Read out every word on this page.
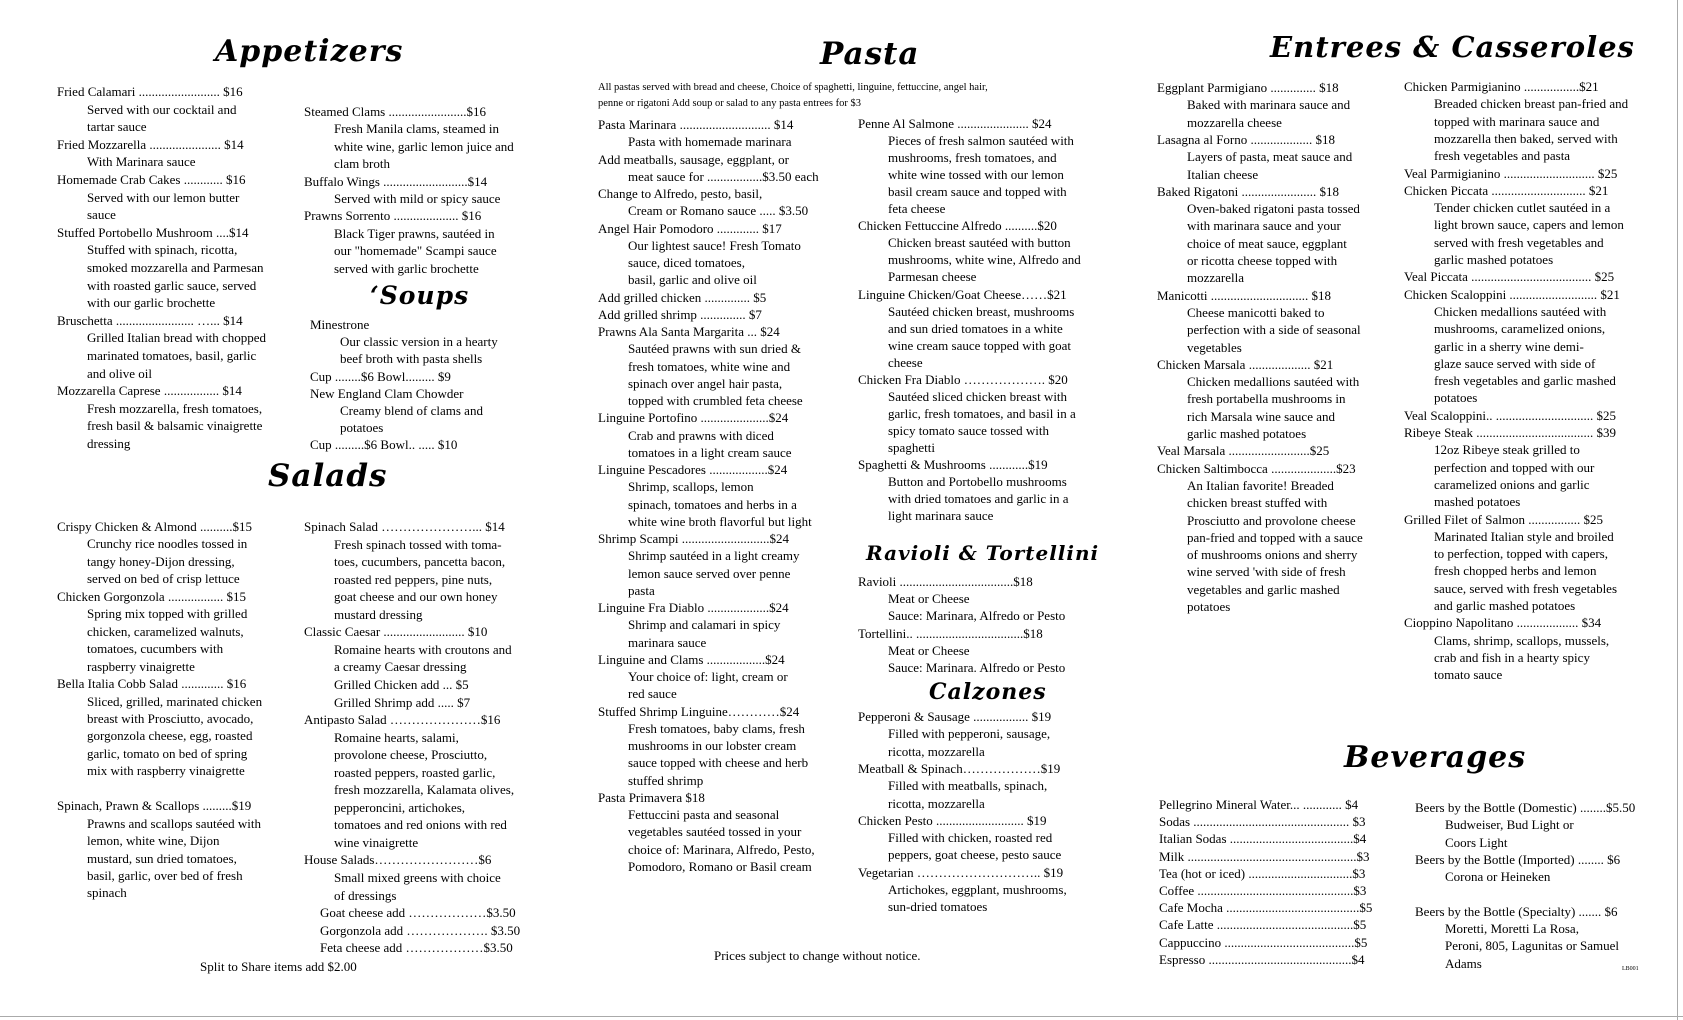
Appetizers
‘Soups
Salads
Pasta
All pastas served with bread and cheese, Choice of spaghetti, linguine, fettuccine, angel hair,
penne or rigatoni Add soup or salad to any pasta entrees for $3
Ravioli & Tortellini
Calzones
Entrees & Casseroles
Beverages
Fried Calamari ......................... $16
Served with our cocktail and
tartar sauce
Fried Mozzarella ...................... $14
With Marinara sauce
Homemade Crab Cakes ............ $16
Served with our lemon butter
sauce
Stuffed Portobello Mushroom ....$14
Stuffed with spinach, ricotta,
smoked mozzarella and Parmesan
with roasted garlic sauce, served
with our garlic brochette
Bruschetta ........................ …... $14
Grilled Italian bread with chopped
marinated tomatoes, basil, garlic
and olive oil
Mozzarella Caprese ................. $14
Fresh mozzarella, fresh tomatoes,
fresh basil & balsamic vinaigrette
dressing
Steamed Clams ........................$16
Fresh Manila clams, steamed in
white wine, garlic lemon juice and
clam broth
Buffalo Wings ..........................$14
Served with mild or spicy sauce
Prawns Sorrento .................... $16
Black Tiger prawns, sautéed in
our "homemade" Scampi sauce
served with garlic brochette
Minestrone
Our classic version in a hearty
beef broth with pasta shells
Cup ........$6 Bowl......... $9
New England Clam Chowder
Creamy blend of clams and
potatoes
Cup .........$6 Bowl.. ..... $10
Crispy Chicken & Almond ..........$15
Crunchy rice noodles tossed in
tangy honey-Dijon dressing,
served on bed of crisp lettuce
Chicken Gorgonzola ................. $15
Spring mix topped with grilled
chicken, caramelized walnuts,
tomatoes, cucumbers with
raspberry vinaigrette
Bella Italia Cobb Salad ............. $16
Sliced, grilled, marinated chicken
breast with Prosciutto, avocado,
gorgonzola cheese, egg, roasted
garlic, tomato on bed of spring
mix with raspberry vinaigrette
Spinach, Prawn & Scallops .........$19
Prawns and scallops sautéed with
lemon, white wine, Dijon
mustard, sun dried tomatoes,
basil, garlic, over bed of fresh
spinach
Spinach Salad …………………... $14
Fresh spinach tossed with toma-
toes, cucumbers, pancetta bacon,
roasted red peppers, pine nuts,
goat cheese and our own honey
mustard dressing
Classic Caesar ......................... $10
Romaine hearts with croutons and
a creamy Caesar dressing
Grilled Chicken add ... $5
Grilled Shrimp add ..... $7
Antipasto Salad …………………$16
Romaine hearts, salami,
provolone cheese, Prosciutto,
roasted peppers, roasted garlic,
fresh mozzarella, Kalamata olives,
pepperoncini, artichokes,
tomatoes and red onions with red
wine vinaigrette
House Salads……………………$6
Small mixed greens with choice
of dressings
Goat cheese add ………………$3.50
Gorgonzola add ………………. $3.50
Feta cheese add ………………$3.50
Pasta Marinara ............................ $14
Pasta with homemade marinara
Add meatballs, sausage, eggplant, or
meat sauce for .................$3.50 each
Change to Alfredo, pesto, basil,
Cream or Romano sauce ..... $3.50
Angel Hair Pomodoro ............. $17
Our lightest sauce! Fresh Tomato
sauce, diced tomatoes,
basil, garlic and olive oil
Add grilled chicken .............. $5
Add grilled shrimp .............. $7
Prawns Ala Santa Margarita ... $24
Sautéed prawns with sun dried &
fresh tomatoes, white wine and
spinach over angel hair pasta,
topped with crumbled feta cheese
Linguine Portofino .....................$24
Crab and prawns with diced
tomatoes in a light cream sauce
Linguine Pescadores ..................$24
Shrimp, scallops, lemon
spinach, tomatoes and herbs in a
white wine broth flavorful but light
Shrimp Scampi ...........................$24
Shrimp sautéed in a light creamy
lemon sauce served over penne
pasta
Linguine Fra Diablo ...................$24
Shrimp and calamari in spicy
marinara sauce
Linguine and Clams ..................$24
Your choice of: light, cream or
red sauce
Stuffed Shrimp Linguine…………$24
Fresh tomatoes, baby clams, fresh
mushrooms in our lobster cream
sauce topped with cheese and herb
stuffed shrimp
Pasta Primavera $18
Fettuccini pasta and seasonal
vegetables sautéed tossed in your
choice of: Marinara, Alfredo, Pesto,
Pomodoro, Romano or Basil cream
Penne Al Salmone ...................... $24
Pieces of fresh salmon sautéed with
mushrooms, fresh tomatoes, and
white wine tossed with our lemon
basil cream sauce and topped with
feta cheese
Chicken Fettuccine Alfredo ..........$20
Chicken breast sautéed with button
mushrooms, white wine, Alfredo and
Parmesan cheese
Linguine Chicken/Goat Cheese……$21
Sautéed chicken breast, mushrooms
and sun dried tomatoes in a white
wine cream sauce topped with goat
cheese
Chicken Fra Diablo ………………. $20
Sautéed sliced chicken breast with
garlic, fresh tomatoes, and basil in a
spicy tomato sauce tossed with
spaghetti
Spaghetti & Mushrooms ............$19
Button and Portobello mushrooms
with dried tomatoes and garlic in a
light marinara sauce
Ravioli ...................................$18
Meat or Cheese
Sauce: Marinara, Alfredo or Pesto
Tortellini.. .................................$18
Meat or Cheese
Sauce: Marinara. Alfredo or Pesto
Pepperoni & Sausage ................. $19
Filled with pepperoni, sausage,
ricotta, mozzarella
Meatball & Spinach………………$19
Filled with meatballs, spinach,
ricotta, mozzarella
Chicken Pesto ........................... $19
Filled with chicken, roasted red
peppers, goat cheese, pesto sauce
Vegetarian ……………………….. $19
Artichokes, eggplant, mushrooms,
sun-dried tomatoes
Eggplant Parmigiano .............. $18
Baked with marinara sauce and
mozzarella cheese
Lasagna al Forno ................... $18
Layers of pasta, meat sauce and
Italian cheese
Baked Rigatoni ....................... $18
Oven-baked rigatoni pasta tossed
with marinara sauce and your
choice of meat sauce, eggplant
or ricotta cheese topped with
mozzarella
Manicotti .............................. $18
Cheese manicotti baked to
perfection with a side of seasonal
vegetables
Chicken Marsala ................... $21
Chicken medallions sautéed with
fresh portabella mushrooms in
rich Marsala wine sauce and
garlic mashed potatoes
Veal Marsala .........................$25
Chicken Saltimbocca ....................$23
An Italian favorite! Breaded
chicken breast stuffed with
Prosciutto and provolone cheese
pan-fried and topped with a sauce
of mushrooms onions and sherry
wine served 'with side of fresh
vegetables and garlic mashed
potatoes
Chicken Parmigianino .................$21
Breaded chicken breast pan-fried and
topped with marinara sauce and
mozzarella then baked, served with
fresh vegetables and pasta
Veal Parmigianino ............................ $25
Chicken Piccata ............................. $21
Tender chicken cutlet sautéed in a
light brown sauce, capers and lemon
served with fresh vegetables and
garlic mashed potatoes
Veal Piccata ..................................... $25
Chicken Scaloppini ........................... $21
Chicken medallions sautéed with
mushrooms, caramelized onions,
garlic in a sherry wine demi-
glaze sauce served with side of
fresh vegetables and garlic mashed
potatoes
Veal Scaloppini.. .............................. $25
Ribeye Steak .................................... $39
12oz Ribeye steak grilled to
perfection and topped with our
caramelized onions and garlic
mashed potatoes
Grilled Filet of Salmon ................ $25
Marinated Italian style and broiled
to perfection, topped with capers,
fresh chopped herbs and lemon
sauce, served with fresh vegetables
and garlic mashed potatoes
Cioppino Napolitano ................... $34
Clams, shrimp, scallops, mussels,
crab and fish in a hearty spicy
tomato sauce
Pellegrino Mineral Water... ............ $4
Sodas ................................................ $3
Italian Sodas ......................................$4
Milk ....................................................$3
Tea (hot or iced) ................................$3
Coffee ................................................$3
Cafe Mocha .........................................$5
Cafe Latte ..........................................$5
Cappuccino ........................................$5
Espresso ............................................$4
Beers by the Bottle (Domestic) ........$5.50
Budweiser, Bud Light or
Coors Light
Beers by the Bottle (Imported) ........ $6
Corona or Heineken
Beers by the Bottle (Specialty) ....... $6
Moretti, Moretti La Rosa,
Peroni, 805, Lagunitas or Samuel
Adams
Split to Share items add $2.00
Prices subject to change without notice.
LB001
